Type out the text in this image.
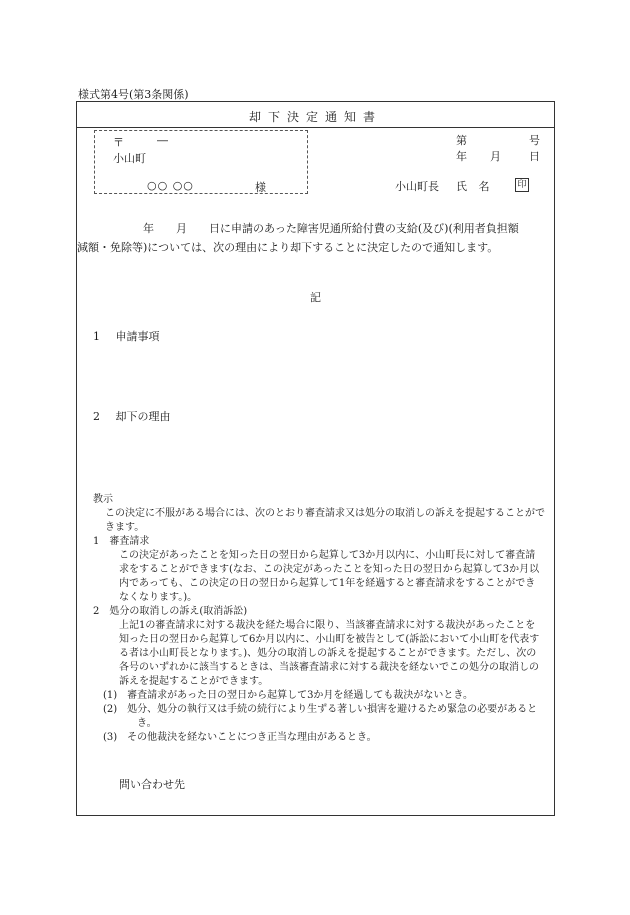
様式第4号(第3条関係)
却下決定通知書
〒	―
小山町
○○ ○○	様
第	号
年 月	日
小山町長 氏 名	印
年　　月　　日に申請のあった障害児通所給付費の支給(及び)(利用者負担額
減額・免除等)については、次の理由により却下することに決定したので通知します。
記
1 申請事項
2 却下の理由
教示
この決定に不服がある場合には、次のとおり審査請求又は処分の取消しの訴えを提起することができます。
1　審査請求
この決定があったことを知った日の翌日から起算して3か月以内に、小山町長に対して審査請求をすることができます(なお、この決定があったことを知った日の翌日から起算して3か月以内であっても、この決定の日の翌日から起算して1年を経過すると審査請求をすることができなくなります。)。
2　処分の取消しの訴え(取消訴訟)
上記1の審査請求に対する裁決を経た場合に限り、当該審査請求に対する裁決があったことを知った日の翌日から起算して6か月以内に、小山町を被告として(訴訟において小山町を代表する者は小山町長となります。)、処分の取消しの訴えを提起することができます。ただし、次の各号のいずれかに該当するときは、当該審査請求に対する裁決を経ないでこの処分の取消しの訴えを提起することができます。
(1)　 審査請求があった日の翌日から起算して3か月を経過しても裁決がないとき。
(2)　 処分、処分の執行又は手続の続行により生ずる著しい損害を避けるため緊急の必要があるとき。
(3)　 その他裁決を経ないことにつき正当な理由があるとき。
問い合わせ先
